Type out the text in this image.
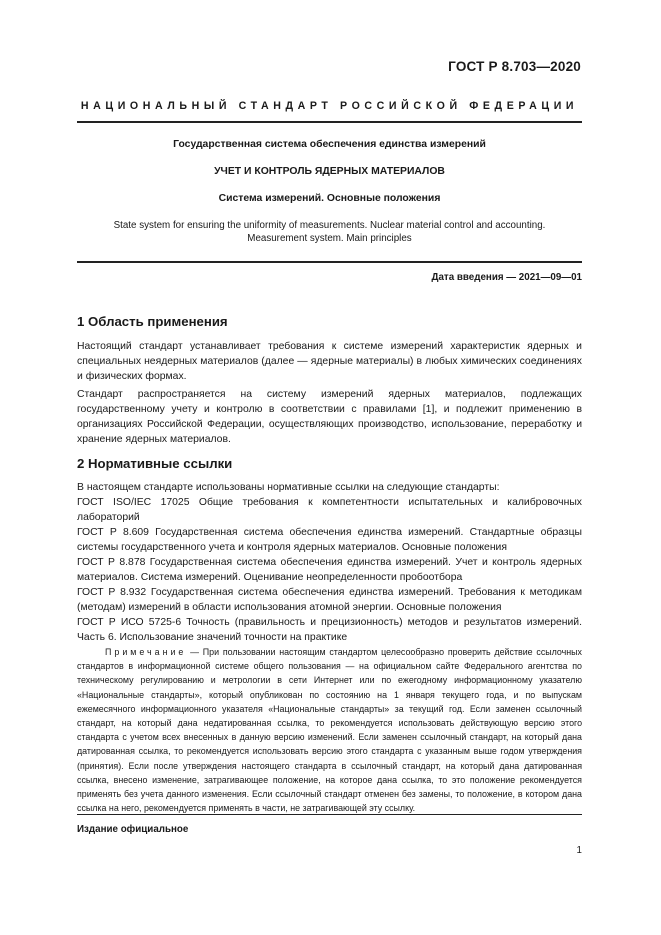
ГОСТ Р 8.703—2020
НАЦИОНАЛЬНЫЙ СТАНДАРТ РОССИЙСКОЙ ФЕДЕРАЦИИ
Государственная система обеспечения единства измерений
УЧЕТ И КОНТРОЛЬ ЯДЕРНЫХ МАТЕРИАЛОВ
Система измерений. Основные положения
State system for ensuring the uniformity of measurements. Nuclear material control and accounting.
Measurement system. Main principles
Дата введения — 2021—09—01
1 Область применения

Настоящий стандарт устанавливает требования к системе измерений характеристик ядерных и специальных неядерных материалов (далее — ядерные материалы) в любых химических соединениях и физических формах.

Стандарт распространяется на систему измерений ядерных материалов, подлежащих государственному учету и контролю в соответствии с правилами [1], и подлежит применению в организациях Российской Федерации, осуществляющих производство, использование, переработку и хранение ядерных материалов.

2 Нормативные ссылки

В настоящем стандарте использованы нормативные ссылки на следующие стандарты:

ГОСТ ISO/IEC 17025 Общие требования к компетентности испытательных и калибровочных лабораторий

ГОСТ Р 8.609 Государственная система обеспечения единства измерений. Стандартные образцы системы государственного учета и контроля ядерных материалов. Основные положения

ГОСТ Р 8.878 Государственная система обеспечения единства измерений. Учет и контроль ядерных материалов. Система измерений. Оценивание неопределенности пробоотбора

ГОСТ Р 8.932 Государственная система обеспечения единства измерений. Требования к методикам (методам) измерений в области использования атомной энергии. Основные положения

ГОСТ Р ИСО 5725-6 Точность (правильность и прецизионность) методов и результатов измерений. Часть 6. Использование значений точности на практике

Примечание — При пользовании настоящим стандартом целесообразно проверить действие ссылочных стандартов в информационной системе общего пользования — на официальном сайте Федерального агентства по техническому регулированию и метрологии в сети Интернет или по ежегодному информационному указателю «Национальные стандарты», который опубликован по состоянию на 1 января текущего года, и по выпускам ежемесячного информационного указателя «Национальные стандарты» за текущий год. Если заменен ссылочный стандарт, на который дана недатированная ссылка, то рекомендуется использовать действующую версию этого стандарта с учетом всех внесенных в данную версию изменений. Если заменен ссылочный стандарт, на который дана датированная ссылка, то рекомендуется использовать версию этого стандарта с указанным выше годом утверждения (принятия). Если после утверждения настоящего стандарта в ссылочный стандарт, на который дана датированная ссылка, внесено изменение, затрагивающее положение, на которое дана ссылка, то это положение рекомендуется применять без учета данного изменения. Если ссылочный стандарт отменен без замены, то положение, в котором дана ссылка на него, рекомендуется применять в части, не затрагивающей эту ссылку.
Издание официальное
1
